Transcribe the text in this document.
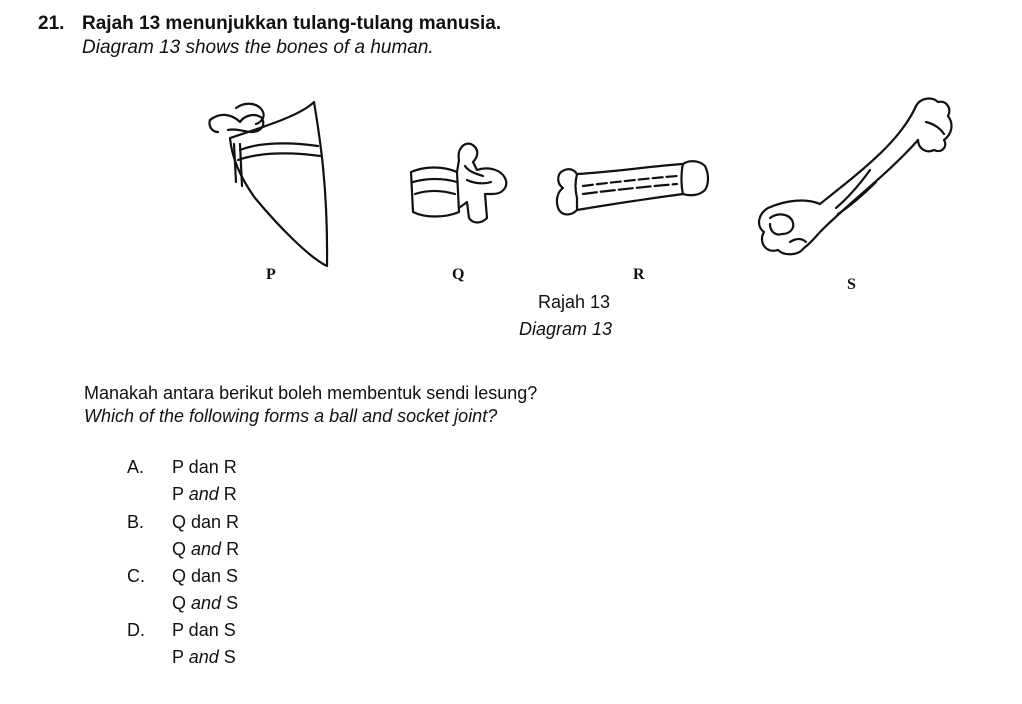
21. Rajah 13 menunjukkan tulang-tulang manusia.
Diagram 13 shows the bones of a human.
P	Q	R
S
Rajah 13
Diagram 13
Manakah antara berikut boleh membentuk sendi lesung?
Which of the following forms a ball and socket joint?
A. P dan R
P and R
B. Q dan R
Q and R
C. Q dan S
Q and S
D. P dan S
P and S
